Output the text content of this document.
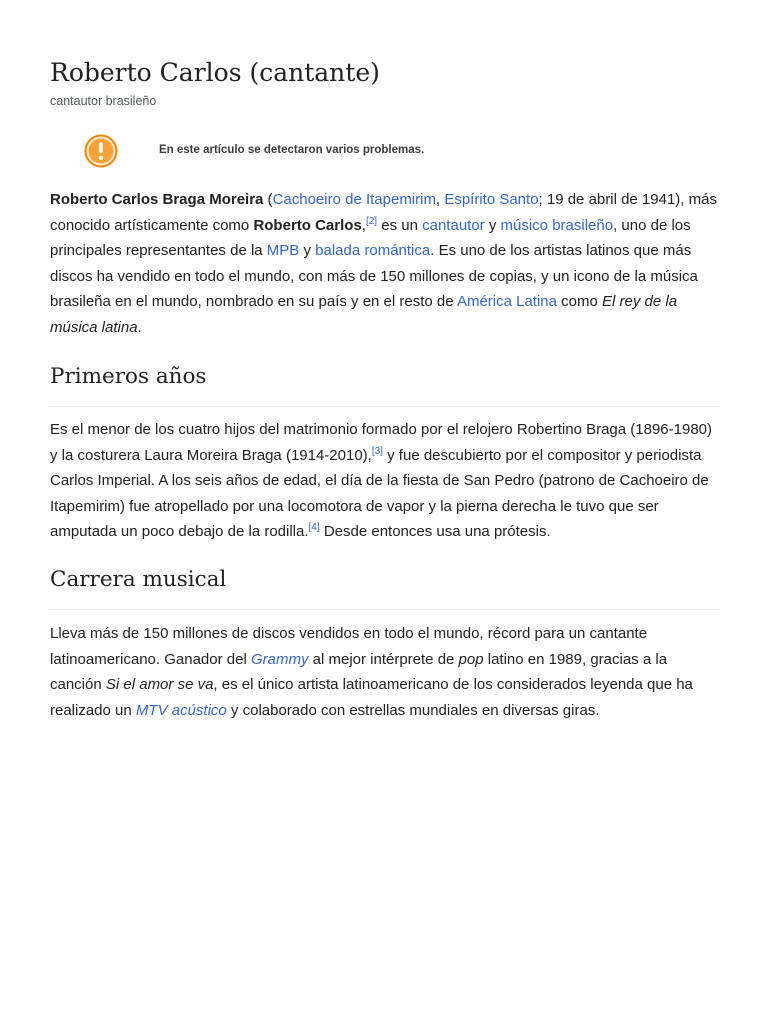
Roberto Carlos (cantante)
cantautor brasileño
En este artículo se detectaron varios problemas.

Roberto Carlos Braga Moreira (Cachoeiro de Itapemirim, Espírito Santo; 19 de abril de 1941), más conocido artísticamente como Roberto Carlos,[2] es un cantautor y músico brasileño, uno de los principales representantes de la MPB y balada romántica. Es uno de los artistas latinos que más discos ha vendido en todo el mundo, con más de 150 millones de copias, y un icono de la música brasileña en el mundo, nombrado en su país y en el resto de América Latina como El rey de la música latina.

Primeros años

Es el menor de los cuatro hijos del matrimonio formado por el relojero Robertino Braga (1896-1980) y la costurera Laura Moreira Braga (1914-2010),[3] y fue descubierto por el compositor y periodista Carlos Imperial. A los seis años de edad, el día de la fiesta de San Pedro (patrono de Cachoeiro de Itapemirim) fue atropellado por una locomotora de vapor y la pierna derecha le tuvo que ser amputada un poco debajo de la rodilla.[4] Desde entonces usa una prótesis.

Carrera musical

Lleva más de 150 millones de discos vendidos en todo el mundo, récord para un cantante latinoamericano. Ganador del Grammy al mejor intérprete de pop latino en 1989, gracias a la canción Si el amor se va, es el único artista latinoamericano de los considerados leyenda que ha realizado un MTV acústico y colaborado con estrellas mundiales en diversas giras.
